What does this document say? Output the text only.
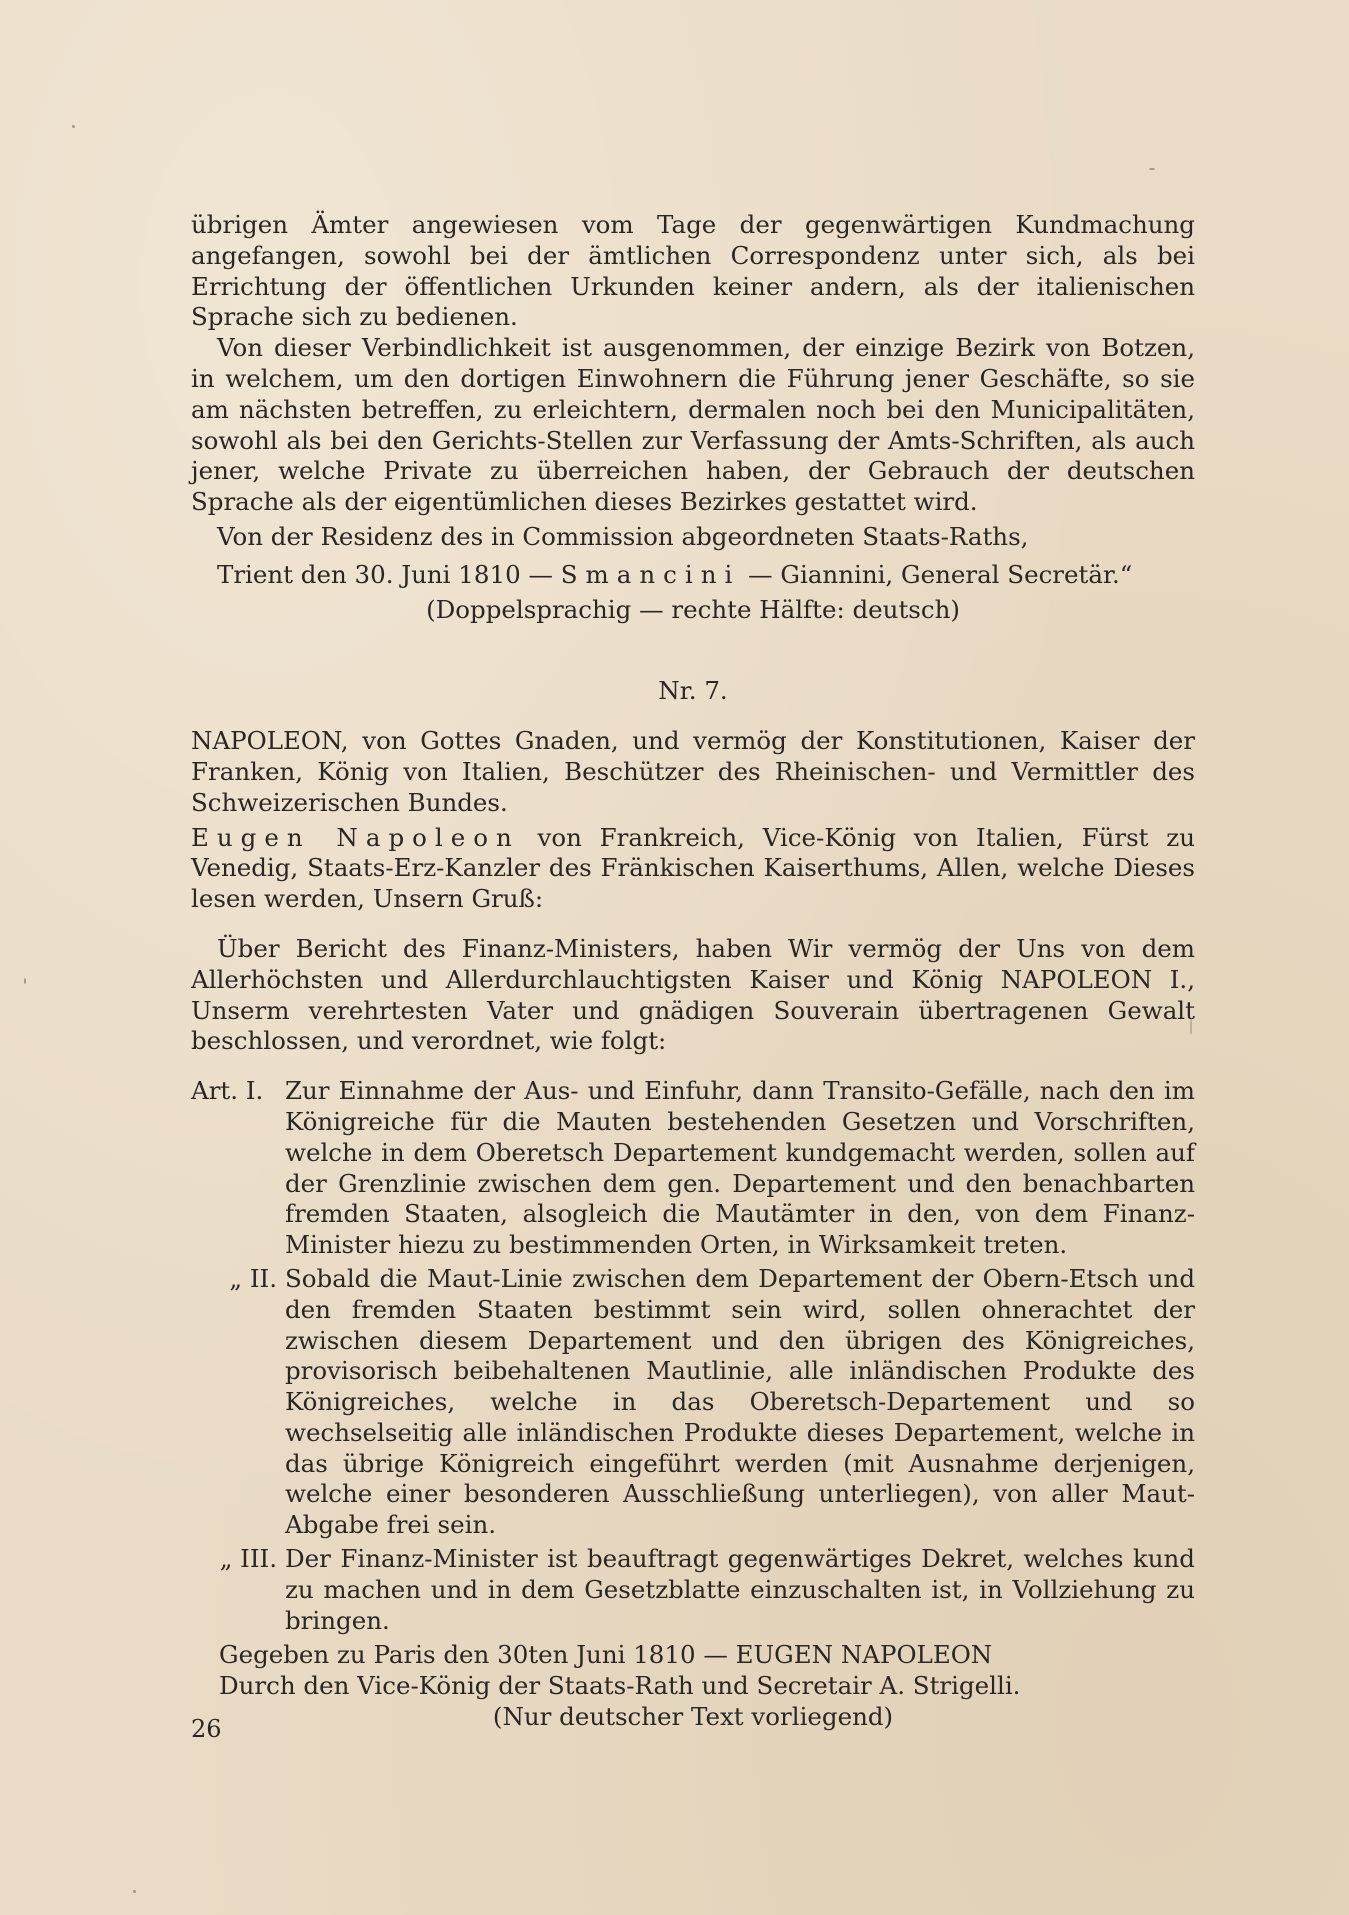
übrigen Ämter angewiesen vom Tage der gegenwärtigen Kundmachung angefangen, sowohl bei der ämtlichen Correspondenz unter sich, als bei Errichtung der öffentlichen Urkunden keiner andern, als der italienischen Sprache sich zu bedienen.

Von dieser Verbindlichkeit ist ausgenommen, der einzige Bezirk von Botzen, in welchem, um den dortigen Einwohnern die Führung jener Geschäfte, so sie am nächsten betreffen, zu erleichtern, dermalen noch bei den Municipalitäten, sowohl als bei den Gerichts-Stellen zur Verfassung der Amts-Schriften, als auch jener, welche Private zu überreichen haben, der Gebrauch der deutschen Sprache als der eigentümlichen dieses Bezirkes gestattet wird.

Von der Residenz des in Commission abgeordneten Staats-Raths,

Trient den 30. Juni 1810 — Smancini — Giannini, General Secretär.“

(Doppelsprachig — rechte Hälfte: deutsch)

Nr. 7.

NAPOLEON, von Gottes Gnaden, und vermög der Konstitutionen, Kaiser der Franken, König von Italien, Beschützer des Rheinischen- und Vermittler des Schweizerischen Bundes.

Eugen Napoleon von Frankreich, Vice-König von Italien, Fürst zu Venedig, Staats-Erz-Kanzler des Fränkischen Kaiserthums, Allen, welche Dieses lesen werden, Unsern Gruß:

Über Bericht des Finanz-Ministers, haben Wir vermög der Uns von dem Allerhöchsten und Allerdurchlauchtigsten Kaiser und König NAPOLEON I., Unserm verehrtesten Vater und gnädigen Souverain übertragenen Gewalt beschlossen, und verordnet, wie folgt:

Art. I. Zur Einnahme der Aus- und Einfuhr, dann Transito-Gefälle, nach den im Königreiche für die Mauten bestehenden Gesetzen und Vorschriften, welche in dem Oberetsch Departement kundgemacht werden, sollen auf der Grenzlinie zwischen dem gen. Departement und den benachbarten fremden Staaten, alsogleich die Mautämter in den, von dem Finanz-Minister hiezu zu bestimmenden Orten, in Wirksamkeit treten.
„ II. Sobald die Maut-Linie zwischen dem Departement der Obern-Etsch und den fremden Staaten bestimmt sein wird, sollen ohnerachtet der zwischen diesem Departement und den übrigen des Königreiches, provisorisch beibehaltenen Mautlinie, alle inländischen Produkte des Königreiches, welche in das Oberetsch-Departement und so wechselseitig alle inländischen Produkte dieses Departement, welche in das übrige Königreich eingeführt werden (mit Ausnahme derjenigen, welche einer besonderen Ausschließung unterliegen), von aller Maut-Abgabe frei sein.
„ III. Der Finanz-Minister ist beauftragt gegenwärtiges Dekret, welches kund zu machen und in dem Gesetzblatte einzuschalten ist, in Vollziehung zu bringen.

Gegeben zu Paris den 30ten Juni 1810 — EUGEN NAPOLEON

Durch den Vice-König der Staats-Rath und Secretair A. Strigelli.

(Nur deutscher Text vorliegend)

26
